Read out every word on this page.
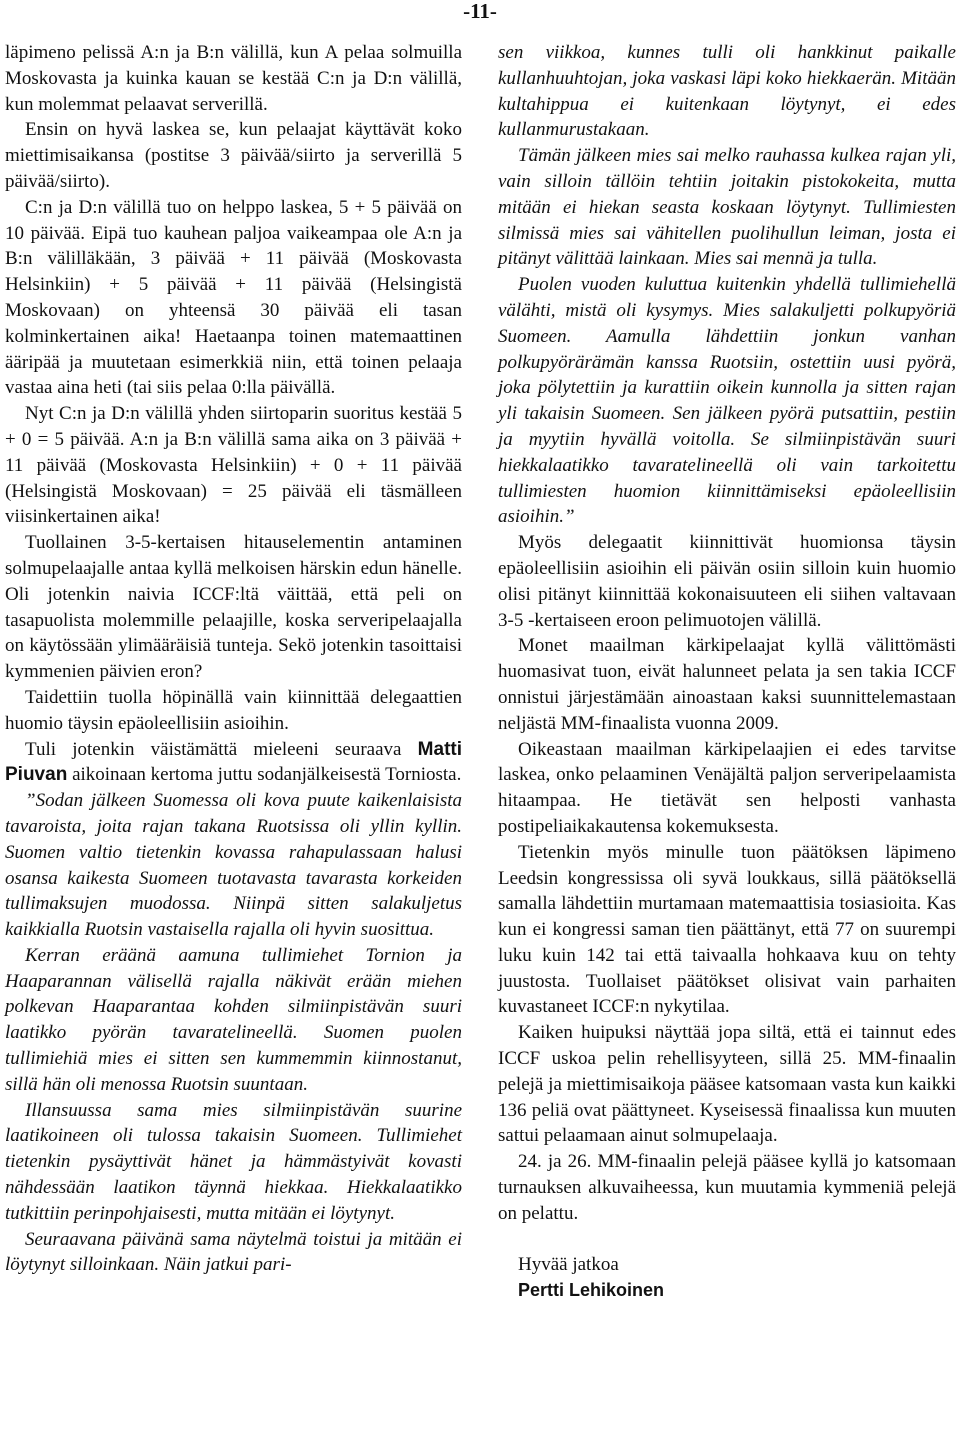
-11-

läpimeno pelissä A:n ja B:n välillä, kun A pelaa solmuilla Moskovasta ja kuinka kauan se kestää C:n ja D:n välillä, kun molemmat pelaavat serverillä.

Ensin on hyvä laskea se, kun pelaajat käyttävät koko miettimisaikansa (postitse 3 päivää/siirto ja serverillä 5 päivää/siirto).

C:n ja D:n välillä tuo on helppo laskea, 5 + 5 päivää on 10 päivää. Eipä tuo kauhean paljoa vaikeampaa ole A:n ja B:n välilläkään, 3 päivää + 11 päivää (Moskovasta Helsinkiin) + 5 päivää + 11 päivää (Helsingistä Moskovaan) on yhteensä 30 päivää eli tasan kolminkertainen aika! Haetaanpa toinen matemaattinen ääripää ja muutetaan esimerkkiä niin, että toinen pelaaja vastaa aina heti (tai siis pelaa 0:lla päivällä.

Nyt C:n ja D:n välillä yhden siirtoparin suoritus kestää 5 + 0 = 5 päivää. A:n ja B:n välillä sama aika on 3 päivää + 11 päivää (Moskovasta Helsinkiin) + 0 + 11 päivää (Helsingistä Moskovaan) = 25 päivää eli täsmälleen viisinkertainen aika!

Tuollainen 3-5-kertaisen hitauselementin antaminen solmupelaajalle antaa kyllä melkoisen härskin edun hänelle. Oli jotenkin naivia ICCF:ltä väittää, että peli on tasapuolista molemmille pelaajille, koska serveripelaajalla on käytössään ylimääräisiä tunteja. Sekö jotenkin tasoittaisi kymmenien päivien eron?

Taidettiin tuolla höpinällä vain kiinnittää delegaattien huomio täysin epäoleellisiin asioihin.

Tuli jotenkin väistämättä mieleeni seuraava Matti Piuvan aikoinaan kertoma juttu sodanjälkeisestä Torniosta.

”Sodan jälkeen Suomessa oli kova puute kaikenlaisista tavaroista, joita rajan takana Ruotsissa oli yllin kyllin. Suomen valtio tietenkin kovassa rahapulassaan halusi osansa kaikesta Suomeen tuotavasta tavarasta korkeiden tullimaksujen muodossa. Niinpä sitten salakuljetus kaikkialla Ruotsin vastaisella rajalla oli hyvin suosittua.

Kerran eräänä aamuna tullimiehet Tornion ja Haaparannan välisellä rajalla näkivät erään miehen polkevan Haaparantaa kohden silmiinpistävän suuri laatikko pyörän tavaratelineellä. Suomen puolen tullimiehiä mies ei sitten sen kummemmin kiinnostanut, sillä hän oli menossa Ruotsin suuntaan.

Illansuussa sama mies silmiinpistävän suurine laatikoineen oli tulossa takaisin Suomeen. Tullimiehet tietenkin pysäyttivät hänet ja hämmästyivät kovasti nähdessään laatikon täynnä hiekkaa. Hiekkalaatikko tutkittiin perinpohjaisesti, mutta mitään ei löytynyt.

Seuraavana päivänä sama näytelmä toistui ja mitään ei löytynyt silloinkaan. Näin jatkui pari-

sen viikkoa, kunnes tulli oli hankkinut paikalle kullanhuuhtojan, joka vaskasi läpi koko hiekkaerän. Mitään kultahippua ei kuitenkaan löytynyt, ei edes kullanmurustakaan.

Tämän jälkeen mies sai melko rauhassa kulkea rajan yli, vain silloin tällöin tehtiin joitakin pistokokeita, mutta mitään ei hiekan seasta koskaan löytynyt. Tullimiesten silmissä mies sai vähitellen puolihullun leiman, josta ei pitänyt välittää lainkaan. Mies sai mennä ja tulla.

Puolen vuoden kuluttua kuitenkin yhdellä tullimiehellä välähti, mistä oli kysymys. Mies salakuljetti polkupyöriä Suomeen. Aamulla lähdettiin jonkun vanhan polkupyörärämän kanssa Ruotsiin, ostettiin uusi pyörä, joka pölytettiin ja kurattiin oikein kunnolla ja sitten rajan yli takaisin Suomeen. Sen jälkeen pyörä putsattiin, pestiin ja myytiin hyvällä voitolla. Se silmiinpistävän suuri hiekkalaatikko tavaratelineellä oli vain tarkoitettu tullimiesten huomion kiinnittämiseksi epäoleellisiin asioihin.”

Myös delegaatit kiinnittivät huomionsa täysin epäoleellisiin asioihin eli päivän osiin silloin kuin huomio olisi pitänyt kiinnittää kokonaisuuteen eli siihen valtavaan 3-5 -kertaiseen eroon pelimuotojen välillä.

Monet maailman kärkipelaajat kyllä välittömästi huomasivat tuon, eivät halunneet pelata ja sen takia ICCF onnistui järjestämään ainoastaan kaksi suunnittelemastaan neljästä MM-finaalista vuonna 2009.

Oikeastaan maailman kärkipelaajien ei edes tarvitse laskea, onko pelaaminen Venäjältä paljon serveripelaamista hitaampaa. He tietävät sen helposti vanhasta postipeliaikakautensa kokemuksesta.

Tietenkin myös minulle tuon päätöksen läpimeno Leedsin kongressissa oli syvä loukkaus, sillä päätöksellä samalla lähdettiin murtamaan matemaattisia tosiasioita. Kas kun ei kongressi saman tien päättänyt, että 77 on suurempi luku kuin 142 tai että taivaalla hohkaava kuu on tehty juustosta. Tuollaiset päätökset olisivat vain parhaiten kuvastaneet ICCF:n nykytilaa.

Kaiken huipuksi näyttää jopa siltä, että ei tainnut edes ICCF uskoa pelin rehellisyyteen, sillä 25. MM-finaalin pelejä ja miettimisaikoja pääsee katsomaan vasta kun kaikki 136 peliä ovat päättyneet. Kyseisessä finaalissa kun muuten sattui pelaamaan ainut solmupelaaja.

24. ja 26. MM-finaalin pelejä pääsee kyllä jo katsomaan turnauksen alkuvaiheessa, kun muutamia kymmeniä pelejä on pelattu.

Hyvää jatkoa

Pertti Lehikoinen
